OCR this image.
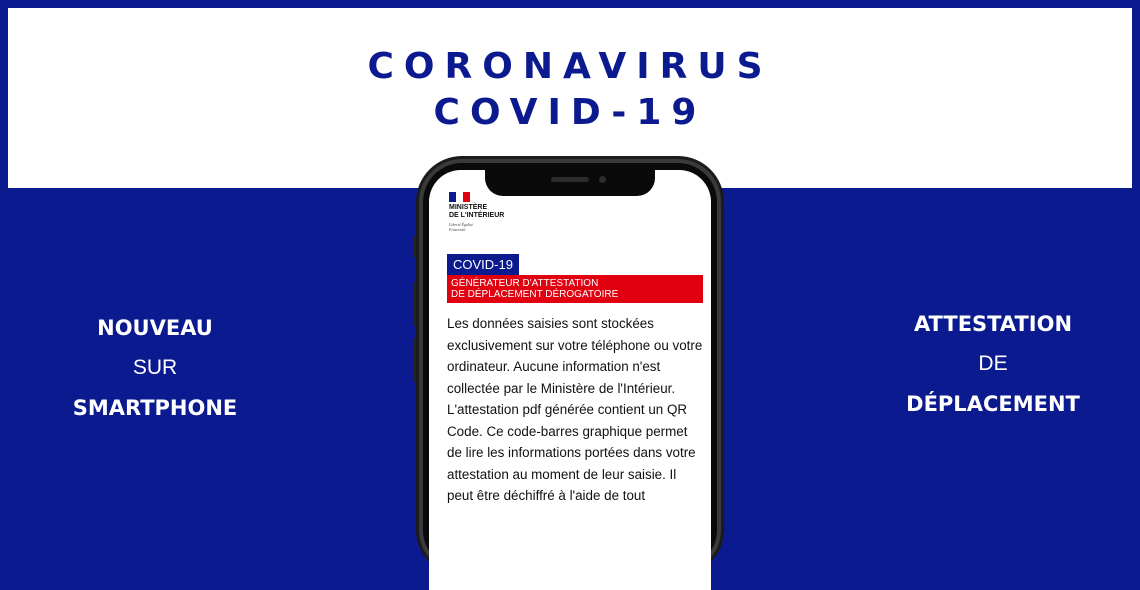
CORONAVIRUS
COVID-19
NOUVEAU
SUR
SMARTPHONE
ATTESTATION
DE
DÉPLACEMENT
MINISTÈRE
DE L'INTÉRIEUR
Liberté Égalité Fraternité
COVID-19
GÉNÉRATEUR D'ATTESTATION
DE DÉPLACEMENT DÉROGATOIRE
Les données saisies sont stockées exclusivement sur votre téléphone ou votre ordinateur. Aucune information n'est collectée par le Ministère de l'Intérieur. L'attestation pdf générée contient un QR Code. Ce code-barres graphique permet de lire les informations portées dans votre attestation au moment de leur saisie. Il peut être déchiffré à l'aide de tout
